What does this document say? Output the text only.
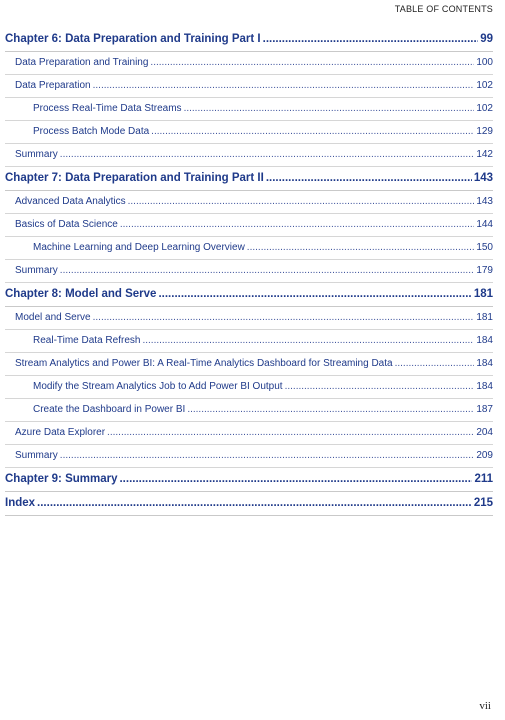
TABLE OF CONTENTS
Chapter 6: Data Preparation and Training Part I .....	99
Data Preparation and Training .....	100
Data Preparation .....	102
Process Real-Time Data Streams .....	102
Process Batch Mode Data .....	129
Summary .....	142
Chapter 7: Data Preparation and Training Part II .....	143
Advanced Data Analytics .....	143
Basics of Data Science .....	144
Machine Learning and Deep Learning Overview .....	150
Summary .....	179
Chapter 8: Model and Serve .....	181
Model and Serve .....	181
Real-Time Data Refresh .....	184
Stream Analytics and Power BI: A Real-Time Analytics Dashboard for Streaming Data .....	184
Modify the Stream Analytics Job to Add Power BI Output .....	184
Create the Dashboard in Power BI .....	187
Azure Data Explorer .....	204
Summary .....	209
Chapter 9: Summary .....	211
Index .....	215
vii
